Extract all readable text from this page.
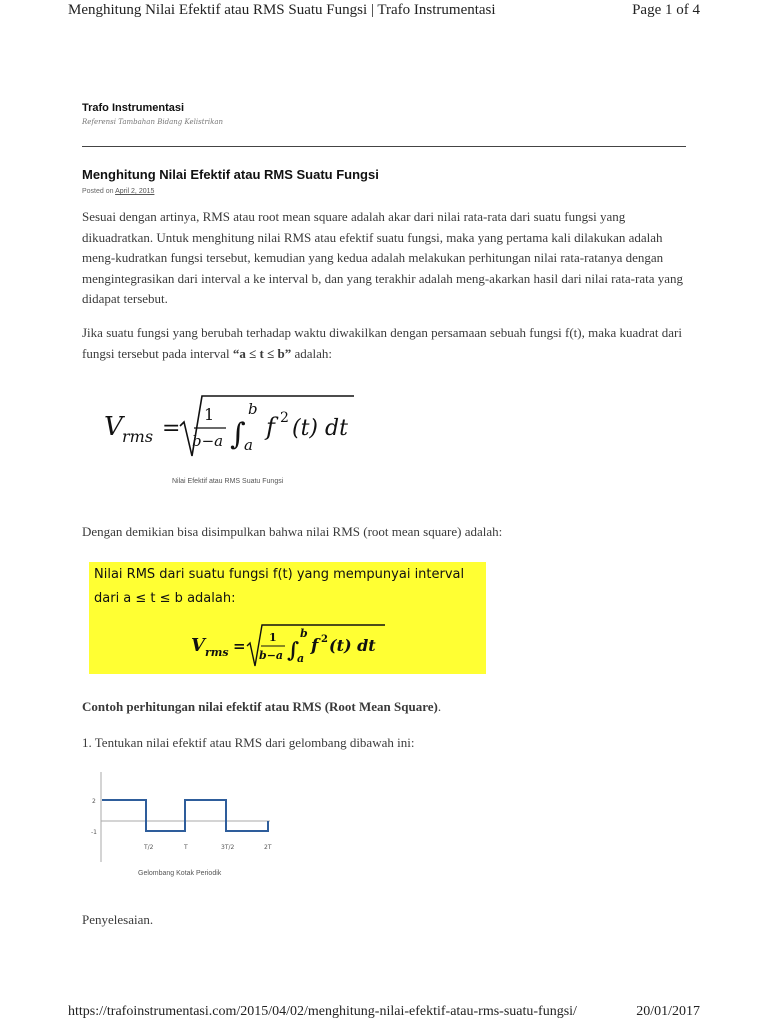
Menghitung Nilai Efektif atau RMS Suatu Fungsi | Trafo Instrumentasi	Page 1 of 4
Trafo Instrumentasi
Referensi Tambahan Bidang Kelistrikan
Menghitung Nilai Efektif atau RMS Suatu Fungsi
Posted on April 2, 2015
Sesuai dengan artinya, RMS atau root mean square adalah akar dari nilai rata-rata dari suatu fungsi yang dikuadratkan. Untuk menghitung nilai RMS atau efektif suatu fungsi, maka yang pertama kali dilakukan adalah meng-kudratkan fungsi tersebut, kemudian yang kedua adalah melakukan perhitungan nilai rata-ratanya dengan mengintegrasikan dari interval a ke interval b, dan yang terakhir adalah meng-akarkan hasil dari nilai rata-rata yang didapat tersebut.
Jika suatu fungsi yang berubah terhadap waktu diwakilkan dengan persamaan sebuah fungsi f(t), maka kuadrat dari fungsi tersebut pada interval “a ≤ t ≤ b” adalah:
V rms =
1
b−a ∫
b
a
f 2 (t) dt
Nilai Efektif atau RMS Suatu Fungsi
Dengan demikian bisa disimpulkan bahwa nilai RMS (root mean square) adalah:
Nilai RMS dari suatu fungsi f(t) yang mempunyai interval
dari a ≤ t ≤ b adalah:
V rms = 1
b−a ∫
b
a
f 2 (t) dt
Contoh perhitungan nilai efektif atau RMS (Root Mean Square).
1. Tentukan nilai efektif atau RMS dari gelombang dibawah ini:
2
-1
T/2	T	3T/2	2T
Gelombang Kotak Periodik
Penyelesaian.
https://trafoinstrumentasi.com/2015/04/02/menghitung-nilai-efektif-atau-rms-suatu-fungsi/	20/01/2017
